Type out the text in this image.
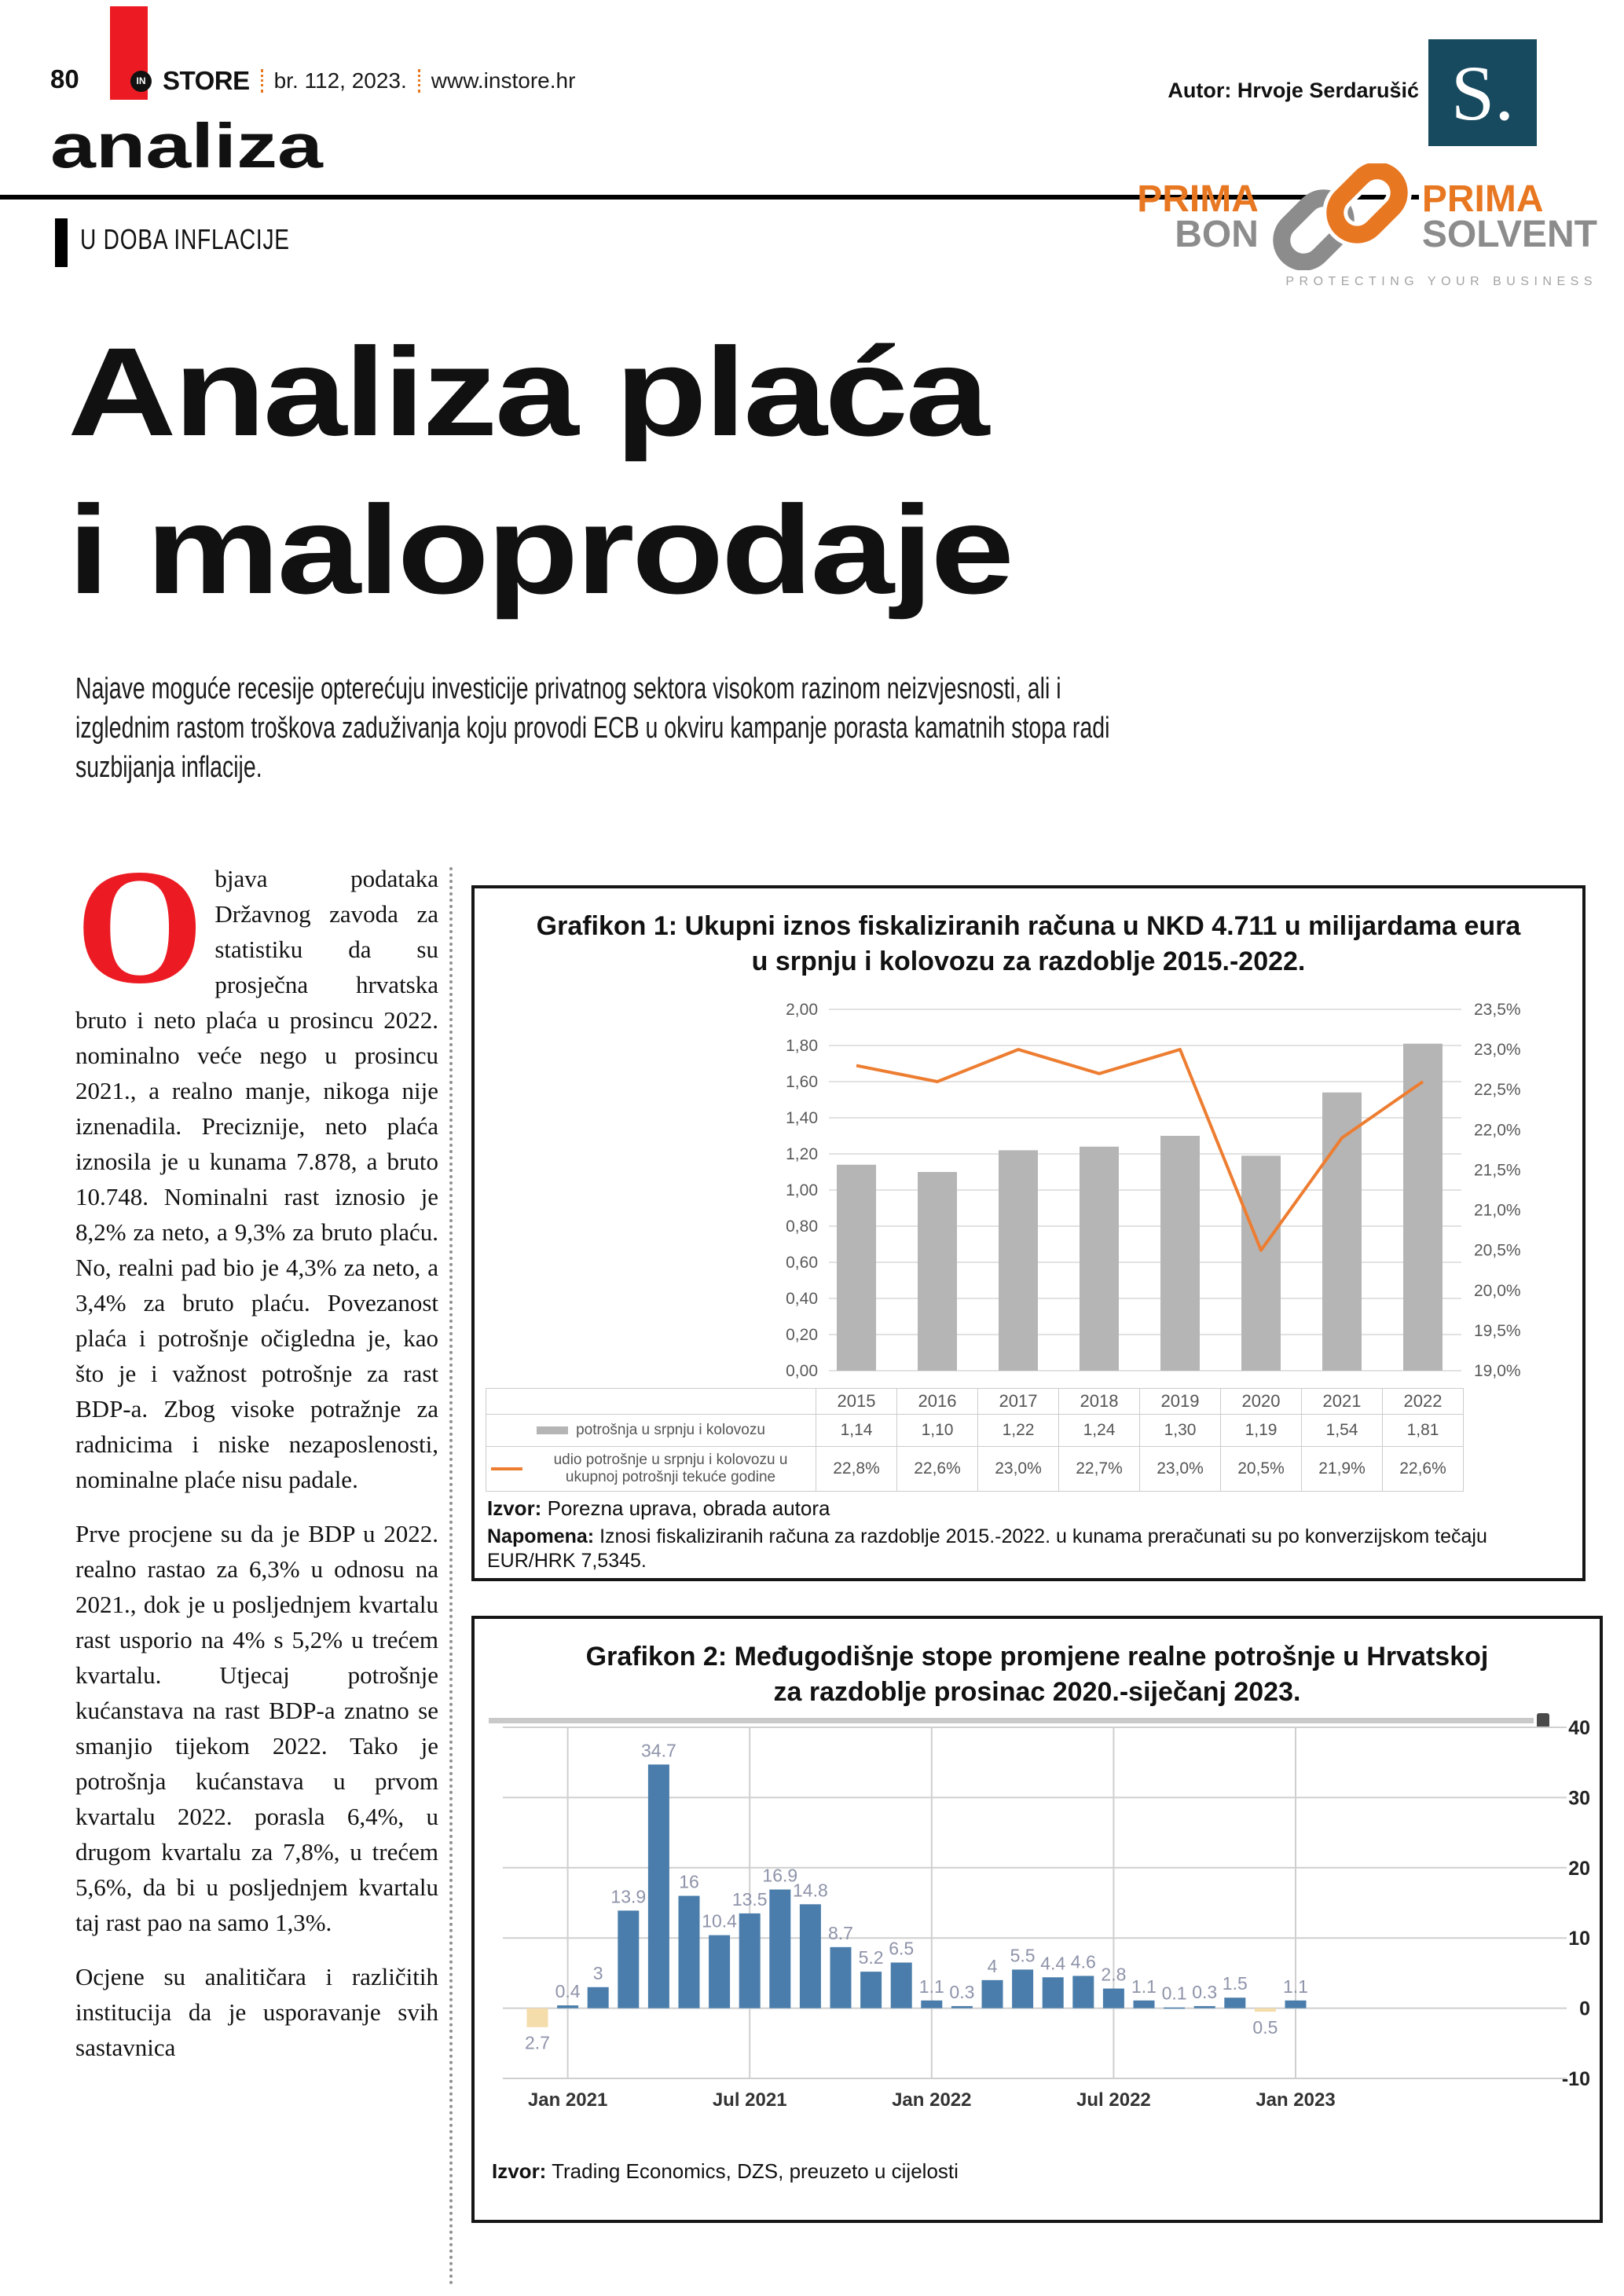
80	IN STORE br. 112, 2023. www.instore.hr
analiza
Autor: Hrvoje Serdarušić S.
U DOBA INFLACIJE
PRIMA
BON
PRIMA
SOLVENT
PROTECTING YOUR BUSINESS
Analiza plaća
i maloprodaje
Najave moguće recesije opterećuju investicije privatnog sektora visokom razinom neizvjesnosti, ali i izglednim rastom troškova zaduživanja koju provodi ECB u okviru kampanje porasta kamatnih stopa radi suzbijanja inflacije.

Objava podataka Državnog zavoda za statistiku da su prosječna hrvatska bruto i neto plaća u prosincu 2022. nominalno veće nego u prosincu 2021., a realno manje, nikoga nije iznenadila. Preciznije, neto plaća iznosila je u kunama 7.878, a bruto 10.748. Nominalni rast iznosio je 8,2% za neto, a 9,3% za bruto plaću. No, realni pad bio je 4,3% za neto, a 3,4% za bruto plaću. Povezanost plaća i potrošnje očigledna je, kao što je i važnost potrošnje za rast BDP-a. Zbog visoke potražnje za radnicima i niske nezaposlenosti, nominalne plaće nisu padale.

Prve procjene su da je BDP u 2022. realno rastao za 6,3% u odnosu na 2021., dok je u posljednjem kvartalu rast usporio na 4% s 5,2% u trećem kvartalu. Utjecaj potrošnje kućanstava na rast BDP-a znatno se smanjio tijekom 2022. Tako je potrošnja kućanstava u prvom kvartalu 2022. porasla 6,4%, u drugom kvartalu za 7,8%, u trećem 5,6%, da bi u posljednjem kvartalu taj rast pao na samo 1,3%.

Ocjene su analitičara i različitih institucija da je usporavanje svih sastavnica

Grafikon 1: Ukupni iznos fiskaliziranih računa u NKD 4.711 u milijardama eura
u srpnju i kolovozu za razdoblje 2015.-2022.
2,00
1,80
1,60
1,40
1,20
1,00
0,80
0,60
0,40
0,20
0,00
23,5%
23,0%
22,5%
22,0%
21,5%
21,0%
20,5%
20,0%
19,5%
19,0%
2015	2016	2017	2018	2019	2020	2021	2022
potrošnja u srpnju i kolovozu	1,14	1,10	1,22	1,24	1,30	1,19	1,54	1,81
udio potrošnje u srpnju i kolovozu u ukupnoj potrošnji tekuće godine	22,8%	22,6%	23,0%	22,7%	23,0%	20,5%	21,9%	22,6%
Izvor: Porezna uprava, obrada autora
Napomena: Iznosi fiskaliziranih računa za razdoblje 2015.-2022. u kunama preračunati su po konverzijskom tečaju EUR/HRK 7,5345.
Grafikon 2: Međugodišnje stope promjene realne potrošnje u Hrvatskoj
za razdoblje prosinac 2020.-siječanj 2023.
40
30
20
10
0
-10
Jan 2021	Jul 2021	Jan 2022	Jul 2022	Jan 2023
2.7
0.4
3
13.9
34.7
16
10.4
13.5
16.9
14.8
8.7
5.2 6.5
1.1 0.3
4
5.5 4.4 4.6
2.8
1.1 0.1 0.3 1.5
0.5
1.1
Izvor: Trading Economics, DZS, preuzeto u cijelosti
